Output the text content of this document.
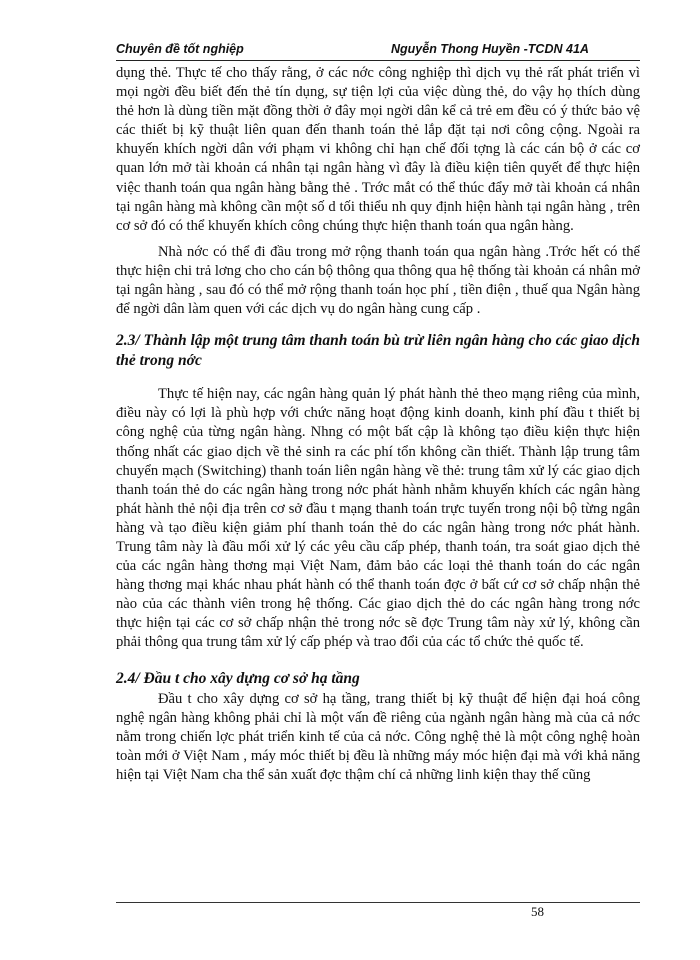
Chuyên đề tốt nghiệp	Nguyễn Thong Huyền -TCDN 41A

dụng thẻ. Thực tế cho thấy rằng, ở các nớc công nghiệp thì dịch vụ thẻ rất phát triển vì mọi ngời đều biết đến thẻ tín dụng, sự tiện lợi của việc dùng thẻ, do vậy họ thích dùng thẻ hơn là dùng tiền mặt đồng thời ở đây mọi ngời dân kể cả trẻ em đều có ý thức bảo vệ các thiết bị kỹ thuật liên quan đến thanh toán thẻ lắp đặt tại nơi công cộng. Ngoài ra khuyến khích ngời dân với phạm vi không chỉ hạn chế đối tợng là các cán bộ ở các cơ quan lớn mở tài khoản cá nhân tại ngân hàng vì đây là điều kiện tiên quyết để thực hiện việc thanh toán qua ngân hàng bằng thẻ . Trớc mắt có thể thúc đẩy mở tài khoản cá nhân tại ngân hàng mà không cần một số d tối thiểu nh quy định hiện hành tại ngân hàng , trên cơ sở đó có thể khuyến khích công chúng thực hiện thanh toán qua ngân hàng.

Nhà nớc có thể đi đầu trong mở rộng thanh toán qua ngân hàng .Trớc hết có thể thực hiện chi trả lơng cho cho cán bộ thông qua thông qua hệ thống tài khoản cá nhân mở tại ngân hàng , sau đó có thể mở rộng thanh toán học phí , tiền điện , thuế qua Ngân hàng để ngời dân làm quen với các dịch vụ do ngân hàng cung cấp .

2.3/ Thành lập một trung tâm thanh toán bù trừ liên ngân hàng cho các giao dịch thẻ trong nớc

Thực tế hiện nay, các ngân hàng quản lý phát hành thẻ theo mạng riêng của mình, điều này có lợi là phù hợp với chức năng hoạt động kinh doanh, kinh phí đầu t thiết bị công nghệ của từng ngân hàng. Nhng có một bất cập là không tạo điều kiện thực hiện thống nhất các giao dịch về thẻ sinh ra các phí tổn không cần thiết. Thành lập trung tâm chuyển mạch (Switching) thanh toán liên ngân hàng về thẻ: trung tâm xử lý các giao dịch thanh toán thẻ do các ngân hàng trong nớc phát hành nhằm khuyến khích các ngân hàng phát hành thẻ nội địa trên cơ sở đầu t mạng thanh toán trực tuyến trong nội bộ từng ngân hàng và tạo điều kiện giảm phí thanh toán thẻ do các ngân hàng trong nớc phát hành. Trung tâm này là đầu mối xử lý các yêu cầu cấp phép, thanh toán, tra soát giao dịch thẻ của các ngân hàng thơng mại Việt Nam, đảm bảo các loại thẻ thanh toán do các ngân hàng thơng mại khác nhau phát hành có thể thanh toán đợc ở bất cứ cơ sở chấp nhận thẻ nào của các thành viên trong hệ thống. Các giao dịch thẻ do các ngân hàng trong nớc thực hiện tại các cơ sở chấp nhận thẻ trong nớc sẽ đợc Trung tâm này xử lý, không cần phải thông qua trung tâm xử lý cấp phép và trao đổi của các tổ chức thẻ quốc tế.

2.4/ Đầu t cho xây dựng cơ sở hạ tầng

Đầu t cho xây dựng cơ sở hạ tầng, trang thiết bị kỹ thuật để hiện đại hoá công nghệ ngân hàng không phải chỉ là một vấn đề riêng của ngành ngân hàng mà của cả nớc nằm trong chiến lợc phát triển kinh tế của cả nớc. Công nghệ thẻ là một công nghệ hoàn toàn mới ở Việt Nam , máy móc thiết bị đều là những máy móc hiện đại mà với khả năng hiện tại Việt Nam cha thể sản xuất đợc thậm chí cả những linh kiện thay thế cũng

58
